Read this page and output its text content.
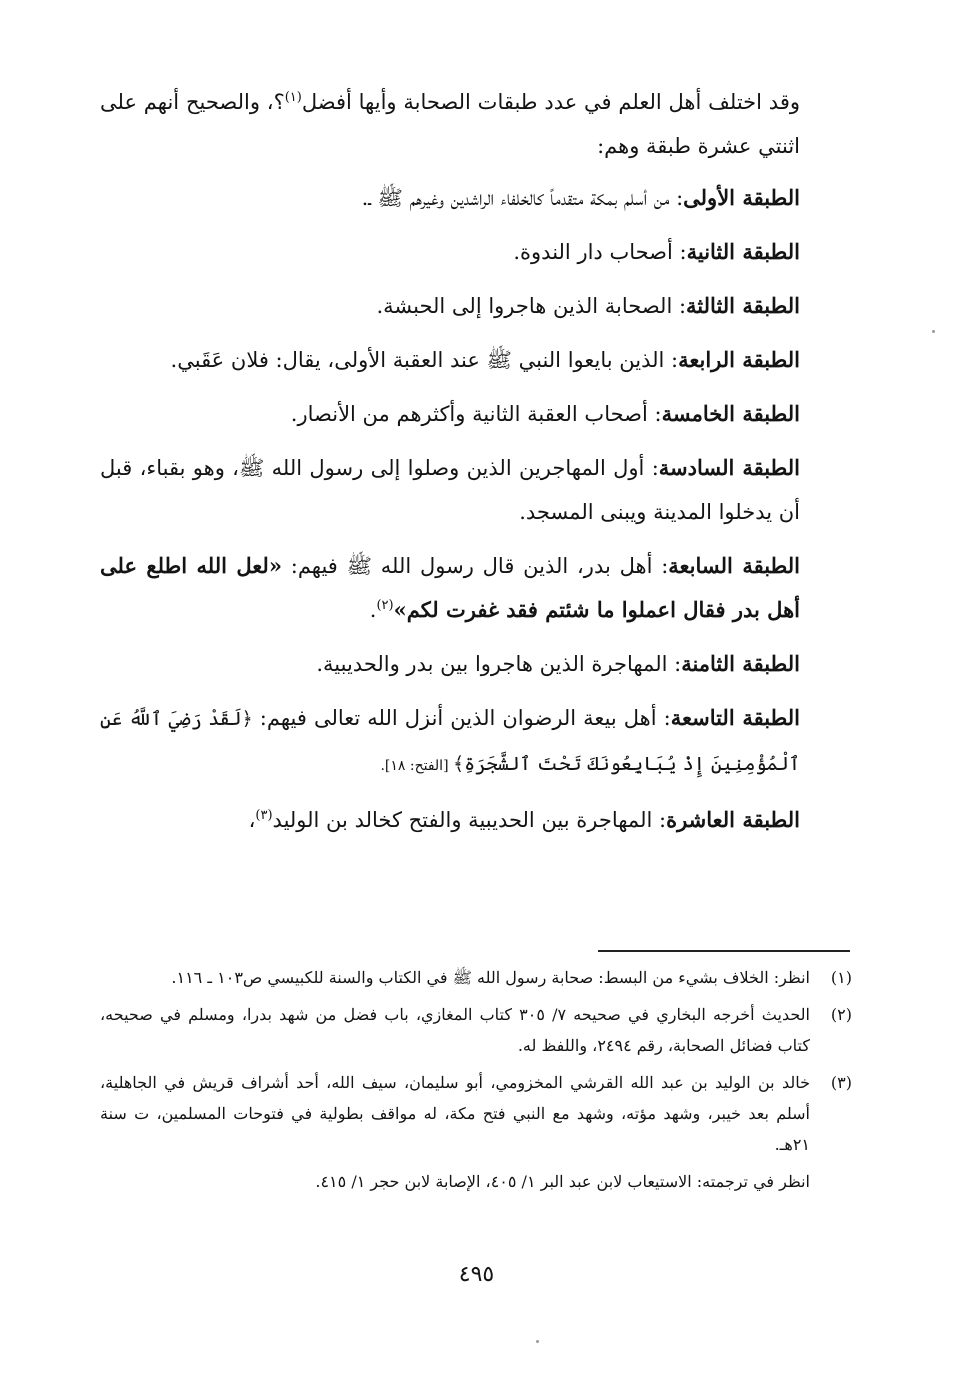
وقد اختلف أهل العلم في عدد طبقات الصحابة وأيها أفضل$^{(١)}$؟، والصحيح أنهم على اثنتي عشرة طبقة وهم:

الطبقة الأولى: من أسلم بمكة متقدماً كالخلفاء الراشدين وغيرهم ﷺ ـ.

الطبقة الثانية: أصحاب دار الندوة.

الطبقة الثالثة: الصحابة الذين هاجروا إلى الحبشة.

الطبقة الرابعة: الذين بايعوا النبي ﷺ عند العقبة الأولى، يقال: فلان عَقَبي.

الطبقة الخامسة: أصحاب العقبة الثانية وأكثرهم من الأنصار.

الطبقة السادسة: أول المهاجرين الذين وصلوا إلى رسول الله ﷺ، وهو بقباء، قبل أن يدخلوا المدينة ويبنى المسجد.

الطبقة السابعة: أهل بدر، الذين قال رسول الله ﷺ فيهم: «لعل الله اطلع على أهل بدر فقال اعملوا ما شئتم فقد غفرت لكم»$^{(٢)}$.

الطبقة الثامنة: المهاجرة الذين هاجروا بين بدر والحديبية.

الطبقة التاسعة: أهل بيعة الرضوان الذين أنزل الله تعالى فيهم: ﴿لَقَدْ رَضِيَ ٱللَّهُ عَنِ ٱلْمُؤْمِنِينَ إِذْ يُبَايِعُونَكَ تَحْتَ ٱلشَّجَرَةِ﴾ [الفتح: ١٨].

الطبقة العاشرة: المهاجرة بين الحديبية والفتح كخالد بن الوليد$^{(٣)}$،

(١)
انظر: الخلاف بشيء من البسط: صحابة رسول الله ﷺ في الكتاب والسنة للكبيسي ص١٠٣ ـ ١١٦.
(٢)
الحديث أخرجه البخاري في صحيحه ٧/ ٣٠٥ كتاب المغازي، باب فضل من شهد بدرا، ومسلم في صحيحه، كتاب فضائل الصحابة، رقم ٢٤٩٤، واللفظ له.
(٣)
خالد بن الوليد بن عبد الله القرشي المخزومي، أبو سليمان، سيف الله، أحد أشراف قريش في الجاهلية، أسلم بعد خيبر، وشهد مؤته، وشهد مع النبي فتح مكة، له مواقف بطولية في فتوحات المسلمين، ت سنة ٢١هـ.
انظر في ترجمته: الاستيعاب لابن عبد البر ١/ ٤٠٥، الإصابة لابن حجر ١/ ٤١٥.
٤٩٥
